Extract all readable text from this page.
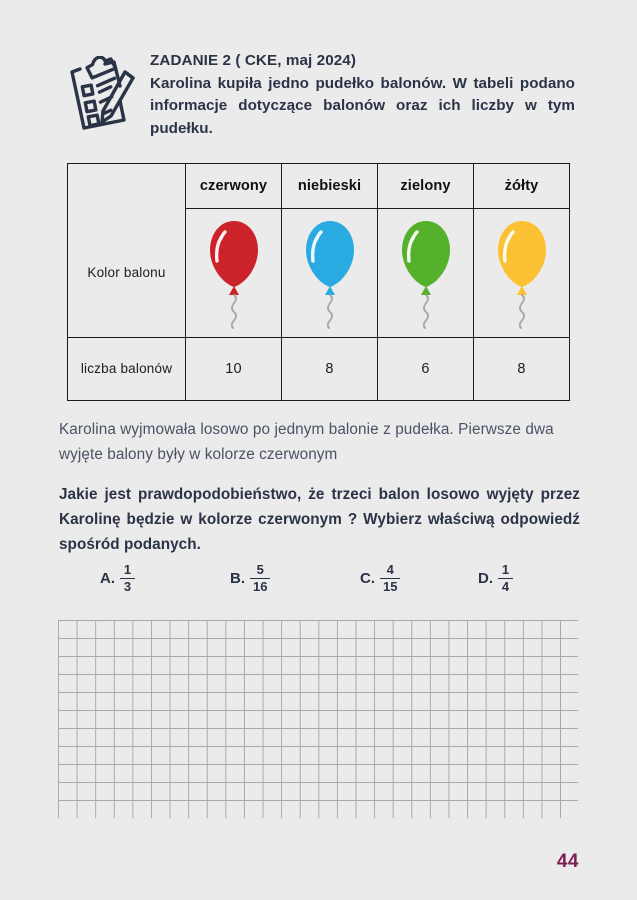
ZADANIE 2 ( CKE, maj 2024)
Karolina kupiła jedno pudełko balonów. W tabeli podano informacje dotyczące balonów oraz ich liczby w tym pudełku.
	czerwony	niebieski	zielony	żółty
Kolor balonu	

liczba balonów	10	8	6	8
Karolina wyjmowała losowo po jednym balonie z pudełka. Pierwsze dwa wyjęte balony były w kolorze czerwonym
Jakie jest prawdopodobieństwo, że trzeci balon losowo wyjęty przez Karolinę będzie w kolorze czerwonym ? Wybierz właściwą odpowiedź spośród podanych.
A. $\frac{1}{3}$	B. $\frac{5}{16}$	C. $\frac{4}{15}$	D. $\frac{1}{4}$
44
